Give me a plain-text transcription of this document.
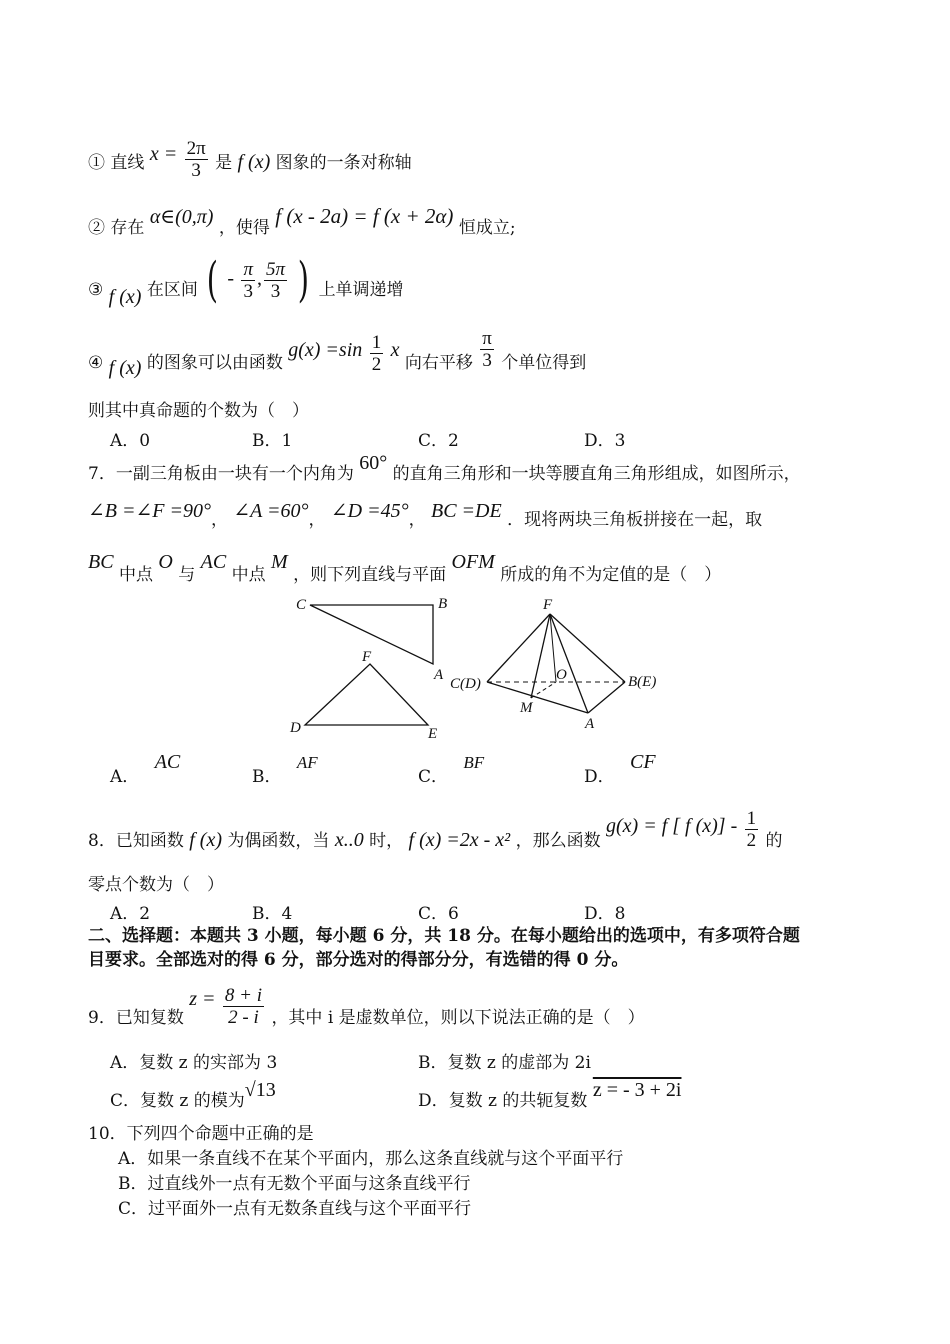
① 直线 $x = \frac{2\pi}{3}$ 是 f (x) 图象的一条对称轴
② 存在 α∈(0,π) ，使得 f (x - 2a) = f (x + 2α) 恒成立;
③ f (x) 在区间 ( - $\frac{\pi}{3}$ , $\frac{5\pi}{3}$ ) 上单调递增
④ f (x) 的图象可以由函数 $g(x) =\sin \frac{1}{2}$ x 向右平移 $\frac{\pi}{3}$ 个单位得到
则其中真命题的个数为（　）
A．0	B．1	C．2	D．3
7．一副三角板由一块有一个内角为 60° 的直角三角形和一块等腰直角三角形组成，如图所示，
∠B =∠F =90°， ∠A =60°， ∠D =45°， BC =DE ．现将两块三角板拼接在一起，取
BC 中点 O 与 AC 中点 M ，则下列直线与平面 OFM 所成的角不为定值的是（　）
C	B
A
F
D	E
F
C(D)
O	B(E)
M
A
A． AC
B． AF
C． BF
D． CF
8．已知函数 f (x) 为偶函数，当 x..0 时， f (x) =2x - x² ，那么函数 g(x) = f [ f $(x)] - \frac{1}{2}$ 的
零点个数为（　）
A．2	B．4	C．6	D．8
二、选择题：本题共 3 小题，每小题 6 分，共 18 分。在每小题给出的选项中，有多项符合题
目要求。全部选对的得 6 分，部分选对的得部分分，有选错的得 0 分。
9．已知复数 $z = \frac{8 + i}{2 - i}$ ，其中 i 是虚数单位，则以下说法正确的是（　）
A．复数 z 的实部为 3	B．复数 z 的虚部为 2i
C．复数 z 的模为√13	D．复数 z 的共轭复数 z = - 3 + 2i
10．下列四个命题中正确的是
A．如果一条直线不在某个平面内，那么这条直线就与这个平面平行
B．过直线外一点有无数个平面与这条直线平行
C．过平面外一点有无数条直线与这个平面平行
